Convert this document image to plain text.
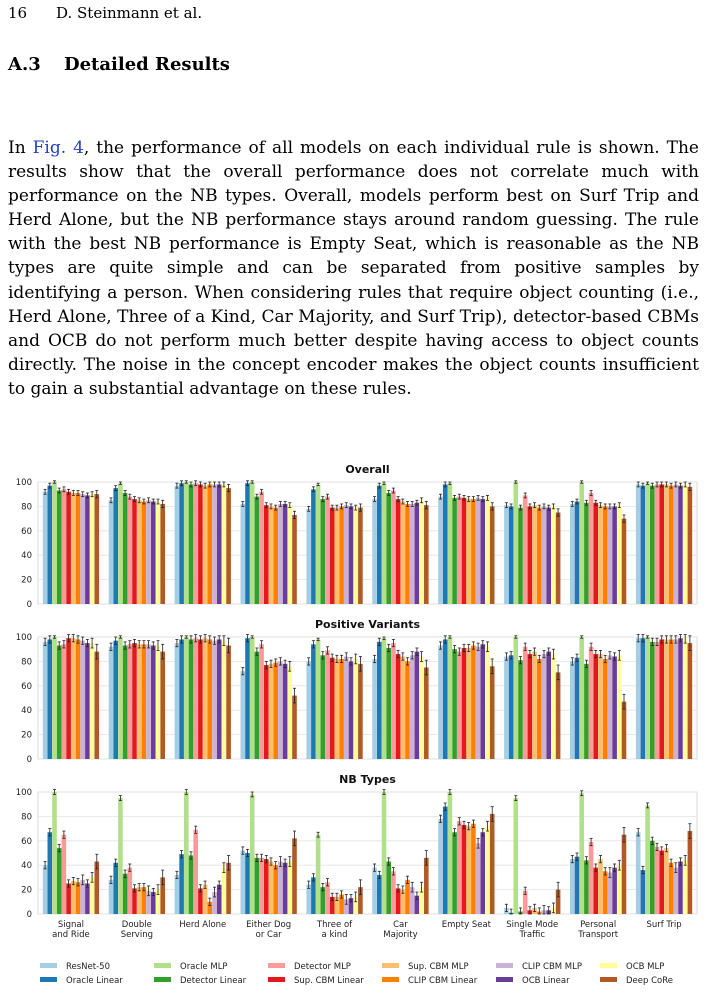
16 D. Steinmann et al.
A.3 Detailed Results

In Fig. 4, the performance of all models on each individual rule is shown. The results show that the overall performance does not correlate much with performance on the NB types. Overall, models perform best on Surf Trip and Herd Alone, but the NB performance stays around random guessing. The rule with the best NB performance is Empty Seat, which is reasonable as the NB types are quite simple and can be separated from positive samples by identifying a person. When considering rules that require object counting (i.e., Herd Alone, Three of a Kind, Car Majority, and Surf Trip), detector-based CBMs and OCB do not perform much better despite having access to object counts directly. The noise in the concept encoder makes the object counts insufficient to gain a substantial advantage on these rules.

0
20
40
60
80
100
Overall
0
20
40
60
80
100
Positive Variants
0
20
40
60
80
100
NB Types
Signal and Ride
Double Serving
Herd Alone Either Dog or Car
Three of a kind
Car Majority
Empty Seat Single Mode Traffic
Personal Transport
Surf Trip
ResNet-50
Oracle Linear
Oracle MLP
Detector Linear
Detector MLP
Sup. CBM Linear
Sup. CBM MLP
CLIP CBM Linear
CLIP CBM MLP
OCB Linear
OCB MLP
Deep CoRe
